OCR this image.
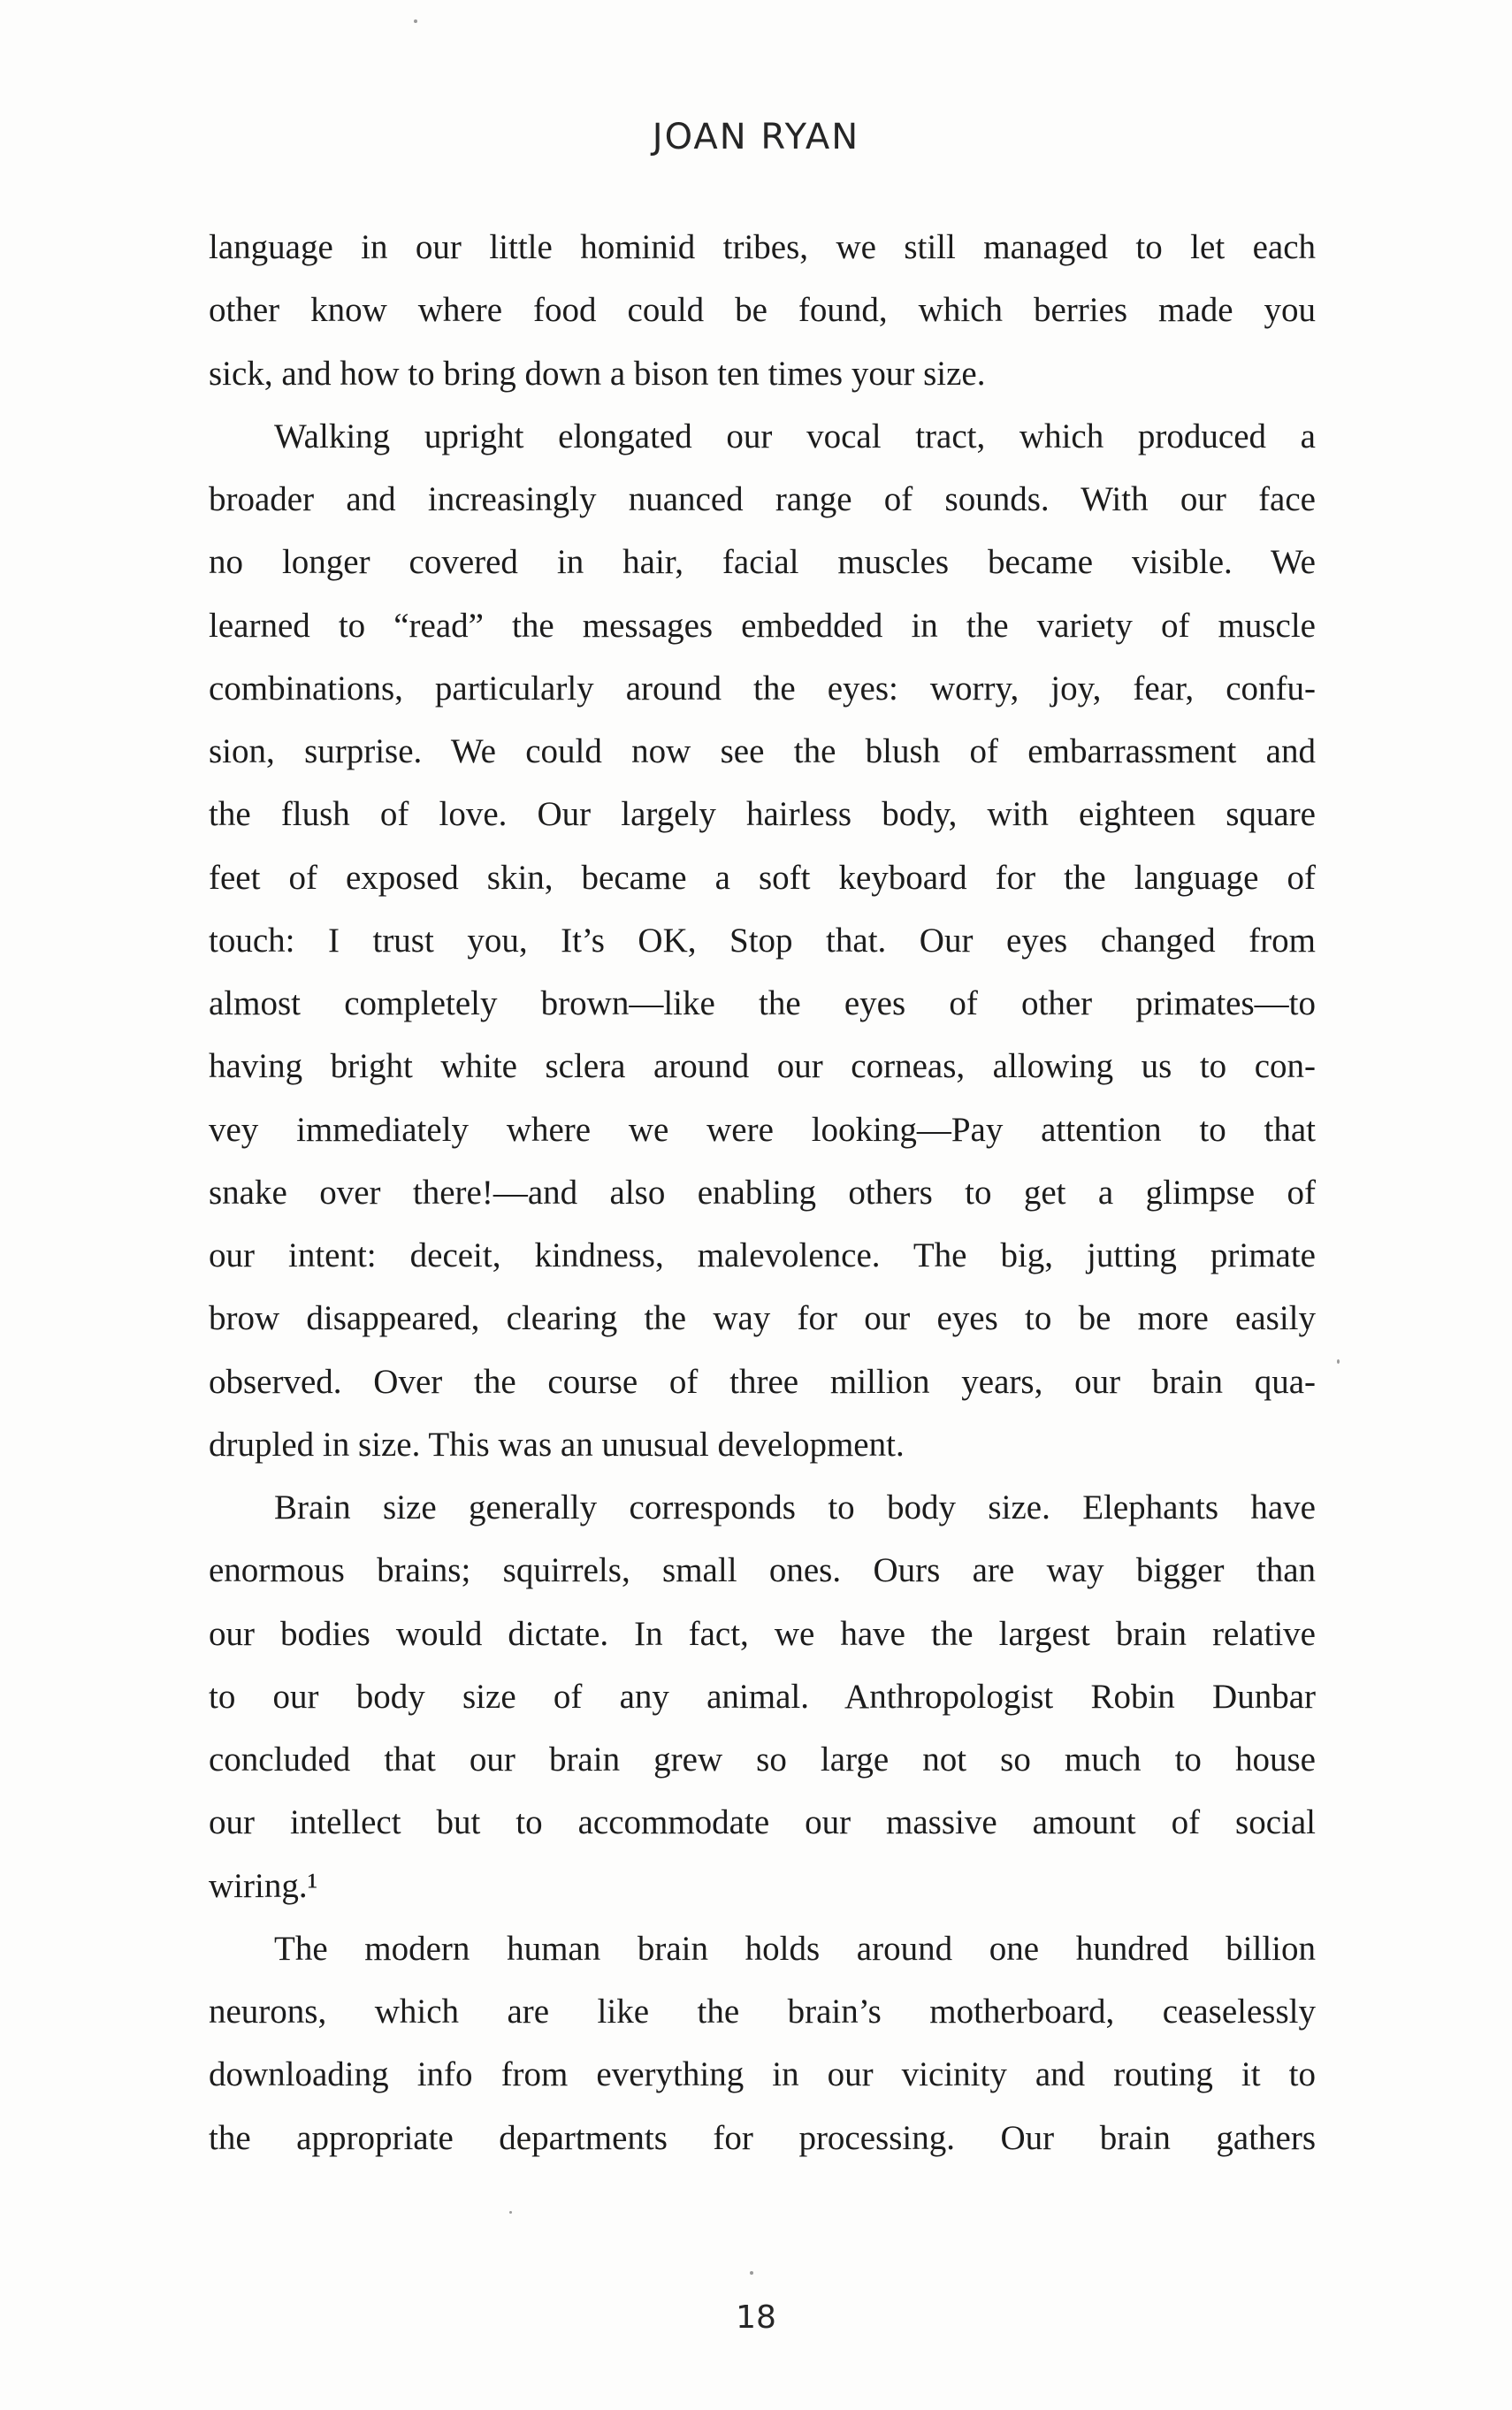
JOAN RYAN
language in our little hominid tribes, we still managed to let each
other know where food could be found, which berries made you
sick, and how to bring down a bison ten times your size.
Walking upright elongated our vocal tract, which produced a
broader and increasingly nuanced range of sounds. With our face
no longer covered in hair, facial muscles became visible. We
learned to “read” the messages embedded in the variety of muscle
combinations, particularly around the eyes: worry, joy, fear, confu-
sion, surprise. We could now see the blush of embarrassment and
the flush of love. Our largely hairless body, with eighteen square
feet of exposed skin, became a soft keyboard for the language of
touch: I trust you, It’s OK, Stop that. Our eyes changed from
almost completely brown—like the eyes of other primates—to
having bright white sclera around our corneas, allowing us to con-
vey immediately where we were looking—Pay attention to that
snake over there!—and also enabling others to get a glimpse of
our intent: deceit, kindness, malevolence. The big, jutting primate
brow disappeared, clearing the way for our eyes to be more easily
observed. Over the course of three million years, our brain qua-
drupled in size. This was an unusual development.
Brain size generally corresponds to body size. Elephants have
enormous brains; squirrels, small ones. Ours are way bigger than
our bodies would dictate. In fact, we have the largest brain relative
to our body size of any animal. Anthropologist Robin Dunbar
concluded that our brain grew so large not so much to house
our intellect but to accommodate our massive amount of social
wiring.¹
The modern human brain holds around one hundred billion
neurons, which are like the brain’s motherboard, ceaselessly
downloading info from everything in our vicinity and routing it to
the appropriate departments for processing. Our brain gathers
18
